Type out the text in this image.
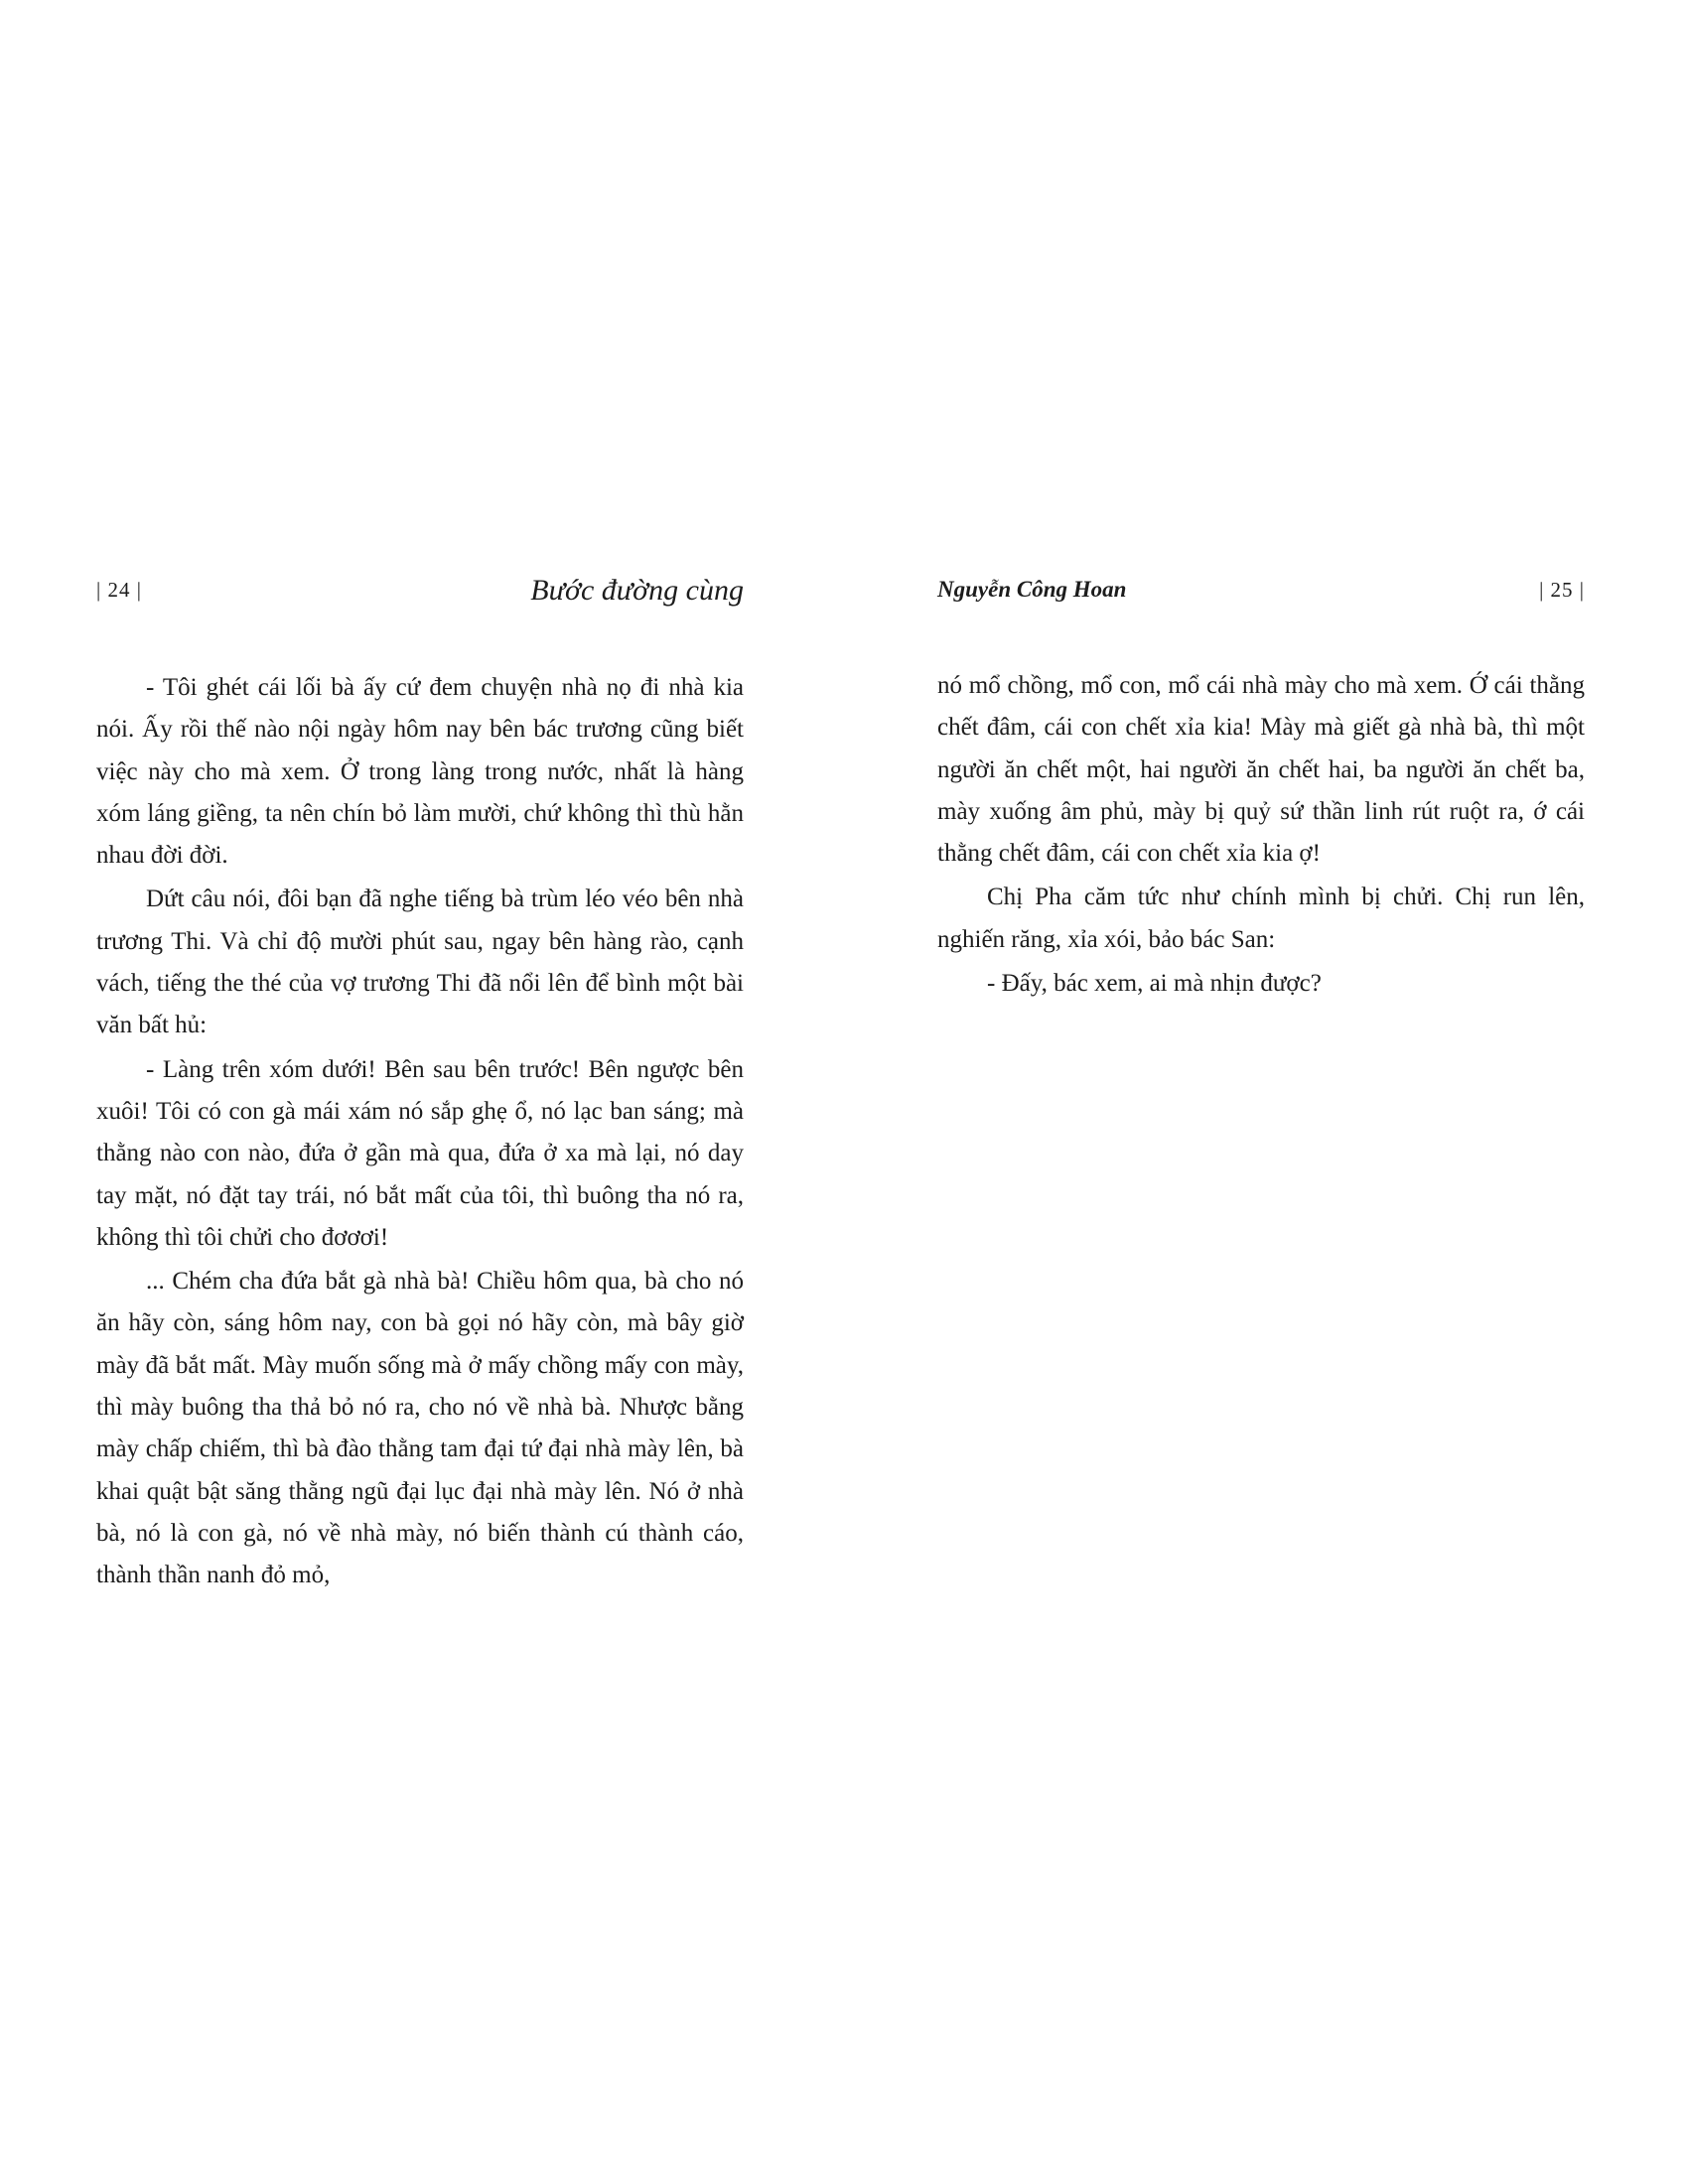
| 24 |	Bước đường cùng

- Tôi ghét cái lối bà ấy cứ đem chuyện nhà nọ đi nhà kia nói. Ấy rồi thế nào nội ngày hôm nay bên bác trương cũng biết việc này cho mà xem. Ở trong làng trong nước, nhất là hàng xóm láng giềng, ta nên chín bỏ làm mười, chứ không thì thù hằn nhau đời đời.

Dứt câu nói, đôi bạn đã nghe tiếng bà trùm léo véo bên nhà trương Thi. Và chỉ độ mười phút sau, ngay bên hàng rào, cạnh vách, tiếng the thé của vợ trương Thi đã nổi lên để bình một bài văn bất hủ:

- Làng trên xóm dưới! Bên sau bên trước! Bên ngược bên xuôi! Tôi có con gà mái xám nó sắp ghẹ ổ, nó lạc ban sáng; mà thằng nào con nào, đứa ở gần mà qua, đứa ở xa mà lại, nó day tay mặt, nó đặt tay trái, nó bắt mất của tôi, thì buông tha nó ra, không thì tôi chửi cho đơơơi!

... Chém cha đứa bắt gà nhà bà! Chiều hôm qua, bà cho nó ăn hãy còn, sáng hôm nay, con bà gọi nó hãy còn, mà bây giờ mày đã bắt mất. Mày muốn sống mà ở mấy chồng mấy con mày, thì mày buông tha thả bỏ nó ra, cho nó về nhà bà. Nhược bằng mày chấp chiếm, thì bà đào thằng tam đại tứ đại nhà mày lên, bà khai quật bật săng thằng ngũ đại lục đại nhà mày lên. Nó ở nhà bà, nó là con gà, nó về nhà mày, nó biến thành cú thành cáo, thành thần nanh đỏ mỏ,

Nguyễn Công Hoan	| 25 |

nó mổ chồng, mổ con, mổ cái nhà mày cho mà xem. Ớ cái thằng chết đâm, cái con chết xỉa kia! Mày mà giết gà nhà bà, thì một người ăn chết một, hai người ăn chết hai, ba người ăn chết ba, mày xuống âm phủ, mày bị quỷ sứ thần linh rút ruột ra, ớ cái thằng chết đâm, cái con chết xỉa kia ợ!

Chị Pha căm tức như chính mình bị chửi. Chị run lên, nghiến răng, xỉa xói, bảo bác San:

- Đấy, bác xem, ai mà nhịn được?
